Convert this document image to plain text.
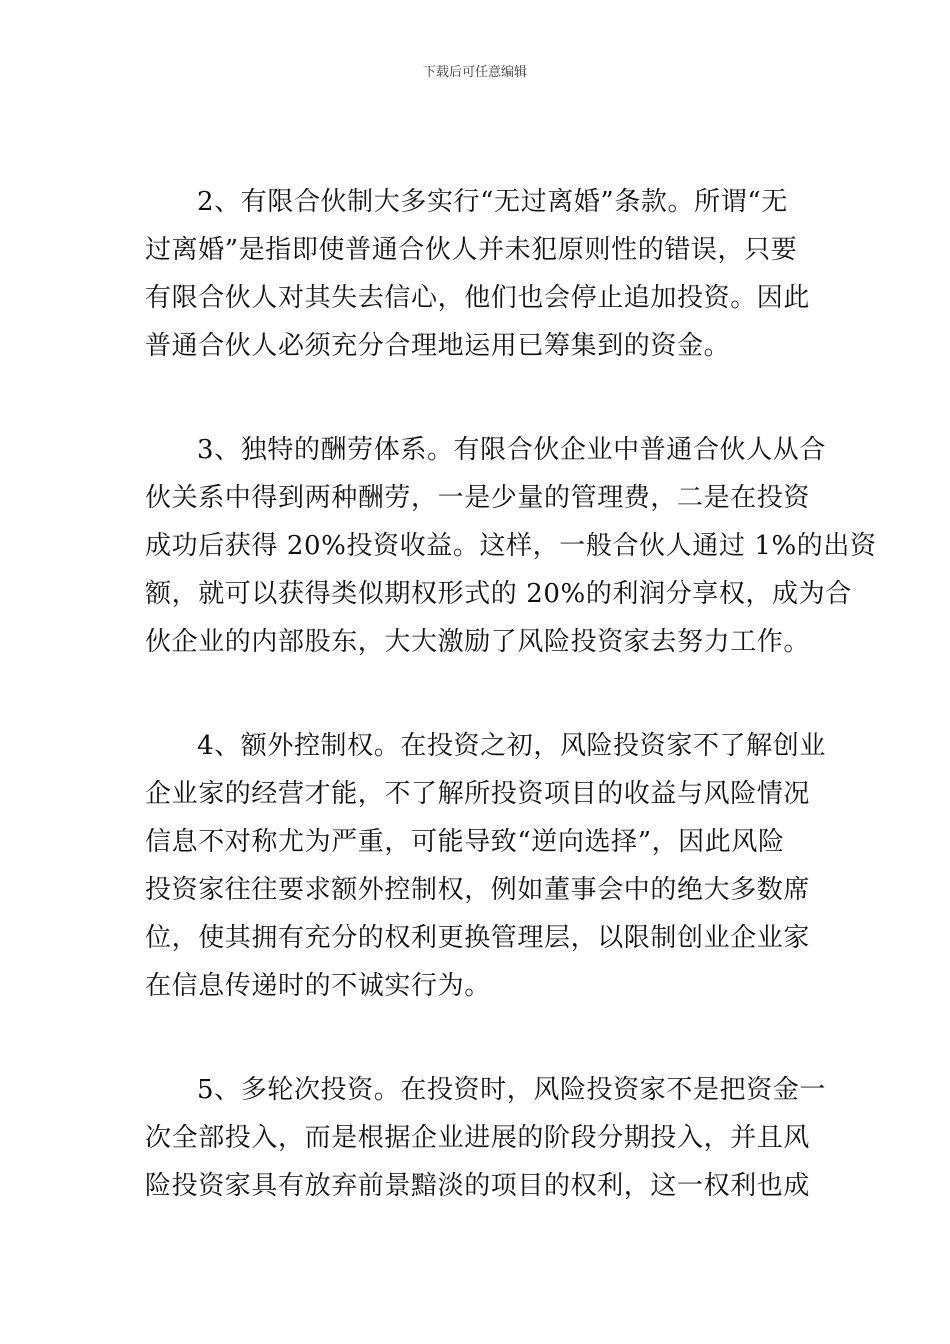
下载后可任意编辑
2、有限合伙制大多实行“无过离婚”条款。所谓“无
过离婚”是指即使普通合伙人并未犯原则性的错误，只要
有限合伙人对其失去信心，他们也会停止追加投资。因此
普通合伙人必须充分合理地运用已筹集到的资金。
3、独特的酬劳体系。有限合伙企业中普通合伙人从合
伙关系中得到两种酬劳，一是少量的管理费，二是在投资
成功后获得 20%投资收益。这样，一般合伙人通过 1%的出资
额，就可以获得类似期权形式的 20%的利润分享权，成为合
伙企业的内部股东，大大激励了风险投资家去努力工作。
4、额外控制权。在投资之初，风险投资家不了解创业
企业家的经营才能，不了解所投资项目的收益与风险情况
信息不对称尤为严重，可能导致“逆向选择”，因此风险
投资家往往要求额外控制权，例如董事会中的绝大多数席
位，使其拥有充分的权利更换管理层，以限制创业企业家
在信息传递时的不诚实行为。
5、多轮次投资。在投资时，风险投资家不是把资金一
次全部投入，而是根据企业进展的阶段分期投入，并且风
险投资家具有放弃前景黯淡的项目的权利，这一权利也成
